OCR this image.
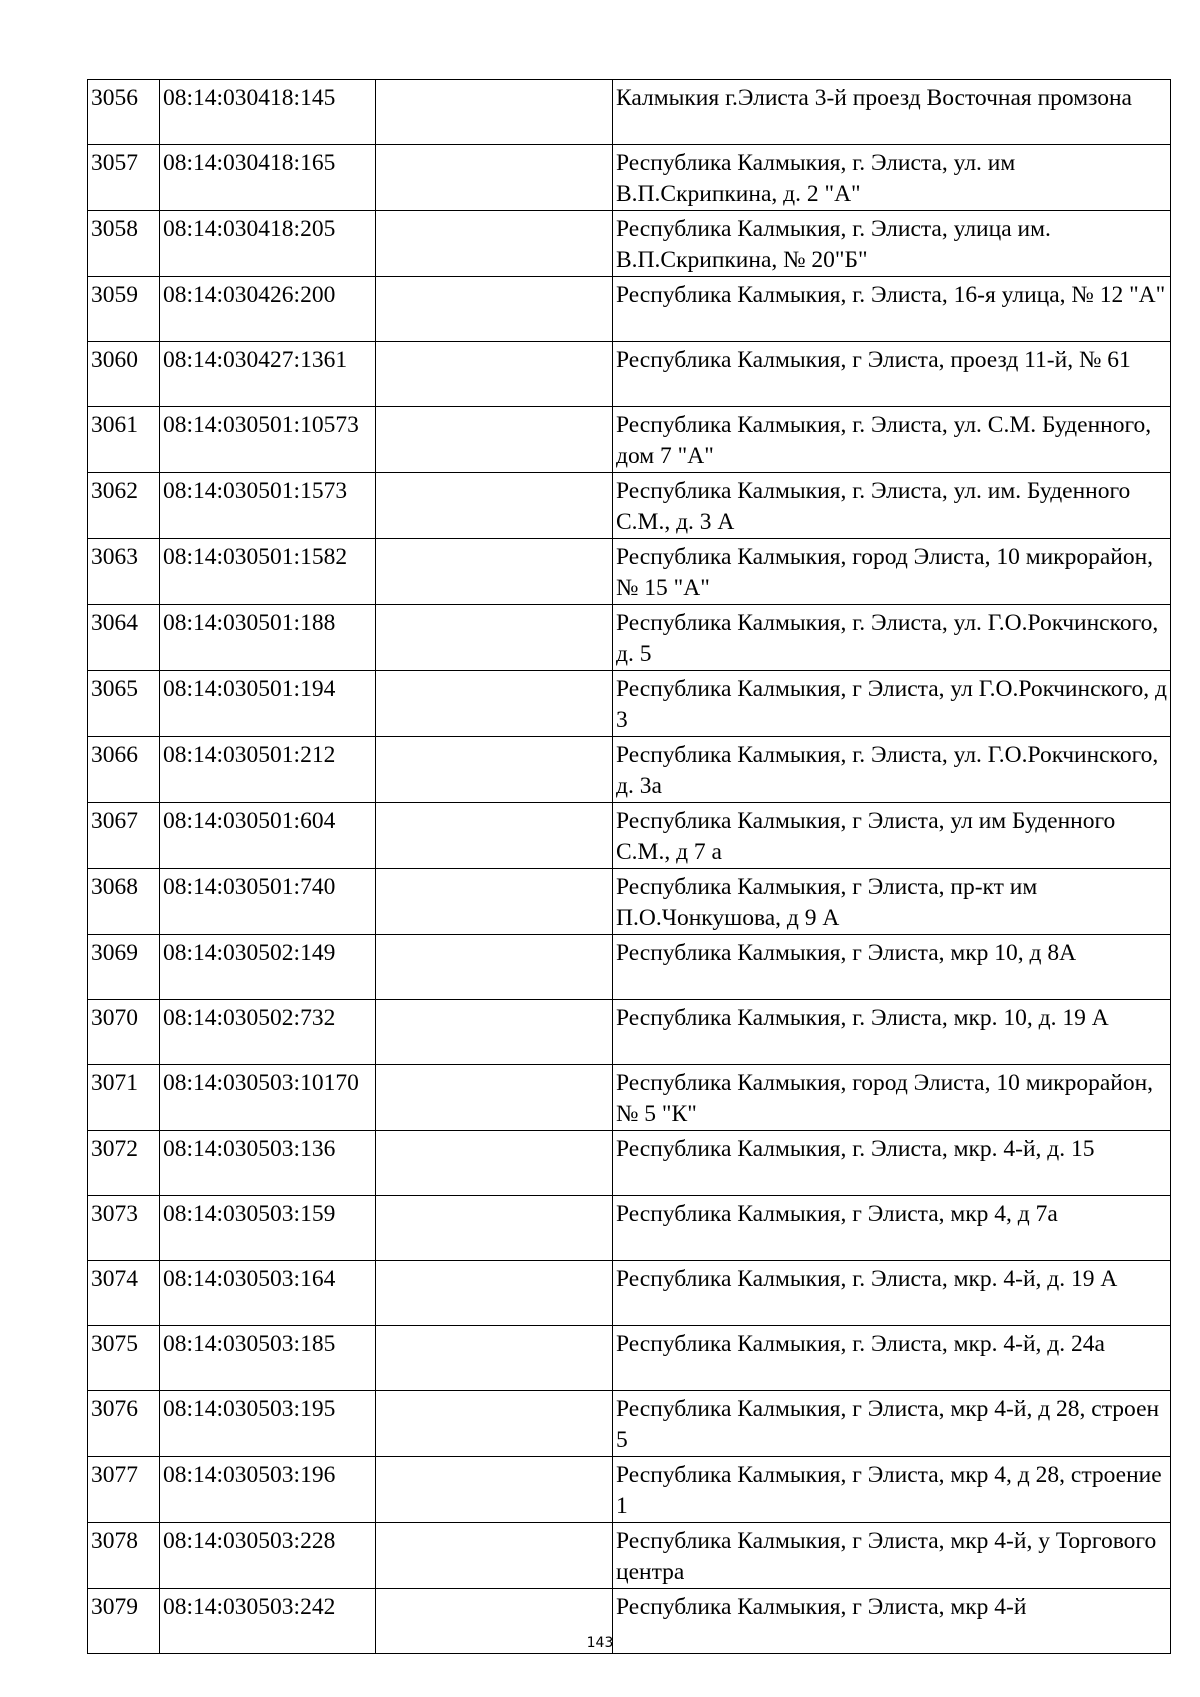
3056	08:14:030418:145		Калмыкия г.Элиста 3-й проезд Восточная промзона
3057	08:14:030418:165		Республика Калмыкия, г. Элиста, ул. им В.П.Скрипкина, д. 2 "А"
3058	08:14:030418:205		Республика Калмыкия, г. Элиста, улица им. В.П.Скрипкина, № 20"Б"
3059	08:14:030426:200		Республика Калмыкия, г. Элиста, 16-я улица, № 12 "А"
3060	08:14:030427:1361		Республика Калмыкия, г Элиста, проезд 11-й, № 61
3061	08:14:030501:10573		Республика Калмыкия, г. Элиста, ул. С.М. Буденного, дом 7 "А"
3062	08:14:030501:1573		Республика Калмыкия, г. Элиста, ул. им. Буденного С.М., д. 3 А
3063	08:14:030501:1582		Республика Калмыкия, город Элиста, 10 микрорайон, № 15 "А"
3064	08:14:030501:188		Республика Калмыкия, г. Элиста, ул. Г.О.Рокчинского, д. 5
3065	08:14:030501:194		Республика Калмыкия, г Элиста, ул Г.О.Рокчинского, д 3
3066	08:14:030501:212		Республика Калмыкия, г. Элиста, ул. Г.О.Рокчинского, д. 3а
3067	08:14:030501:604		Республика Калмыкия, г Элиста, ул им Буденного С.М., д 7 а
3068	08:14:030501:740		Республика Калмыкия, г Элиста, пр-кт им П.О.Чонкушова, д 9 А
3069	08:14:030502:149		Республика Калмыкия, г Элиста, мкр 10, д 8А
3070	08:14:030502:732		Республика Калмыкия, г. Элиста, мкр. 10, д. 19 А
3071	08:14:030503:10170		Республика Калмыкия, город Элиста, 10 микрорайон, № 5 "К"
3072	08:14:030503:136		Республика Калмыкия, г. Элиста, мкр. 4-й, д. 15
3073	08:14:030503:159		Республика Калмыкия, г Элиста, мкр 4, д 7а
3074	08:14:030503:164		Республика Калмыкия, г. Элиста, мкр. 4-й, д. 19 А
3075	08:14:030503:185		Республика Калмыкия, г. Элиста, мкр. 4-й, д. 24а
3076	08:14:030503:195		Республика Калмыкия, г Элиста, мкр 4-й, д 28, строен 5
3077	08:14:030503:196		Республика Калмыкия, г Элиста, мкр 4, д 28, строение 1
3078	08:14:030503:228		Республика Калмыкия, г Элиста, мкр 4-й, у Торгового центра
3079	08:14:030503:242		Республика Калмыкия, г Элиста, мкр 4-й
143
